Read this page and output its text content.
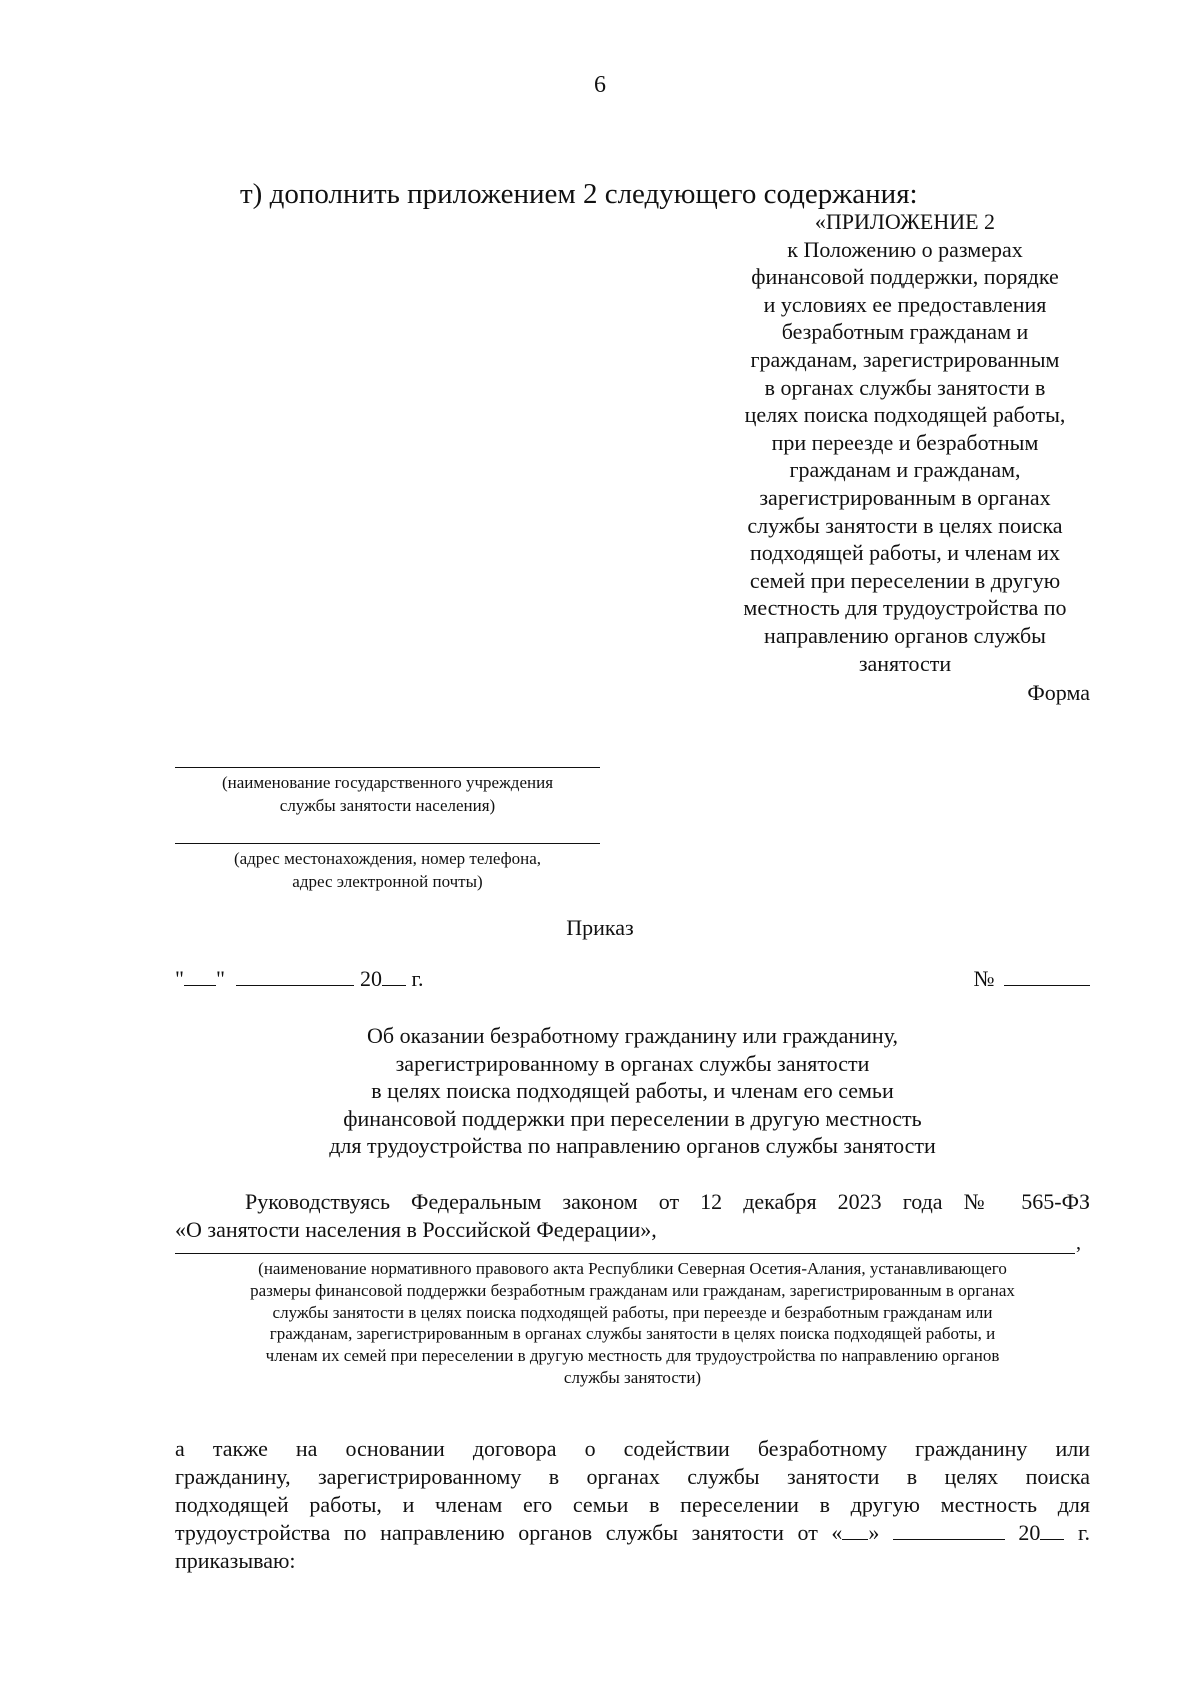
6
т) дополнить приложением 2 следующего содержания:
«ПРИЛОЖЕНИЕ 2
к Положению о размерах
финансовой поддержки, порядке
и условиях ее предоставления
безработным гражданам и
гражданам, зарегистрированным
в органах службы занятости в
целях поиска подходящей работы,
при переезде и безработным
гражданам и гражданам,
зарегистрированным в органах
службы занятости в целях поиска
подходящей работы, и членам их
семей при переселении в другую
местность для трудоустройства по
направлению органов службы
занятости
Форма
(наименование государственного учреждения
службы занятости населения)
(адрес местонахождения, номер телефона,
адрес электронной почты)
Приказ
" "	20 г.	№
Об оказании безработному гражданину или гражданину,
зарегистрированному в органах службы занятости
в целях поиска подходящей работы, и членам его семьи
финансовой поддержки при переселении в другую местность
для трудоустройства по направлению органов службы занятости
Руководствуясь Федеральным законом от 12 декабря 2023 года № 565-ФЗ
«О занятости населения в Российской Федерации»,
,
(наименование нормативного правового акта Республики Северная Осетия-Алания, устанавливающего
размеры финансовой поддержки безработным гражданам или гражданам, зарегистрированным в органах
службы занятости в целях поиска подходящей работы, при переезде и безработным гражданам или
гражданам, зарегистрированным в органах службы занятости в целях поиска подходящей работы, и
членам их семей при переселении в другую местность для трудоустройства по направлению органов
службы занятости)
а также на основании договора о содействии безработному гражданину или
гражданину, зарегистрированному в органах службы занятости в целях поиска
подходящей работы, и членам его семьи в переселении в другую местность для
трудоустройства по направлению органов службы занятости от « »	20 г.
приказываю:
